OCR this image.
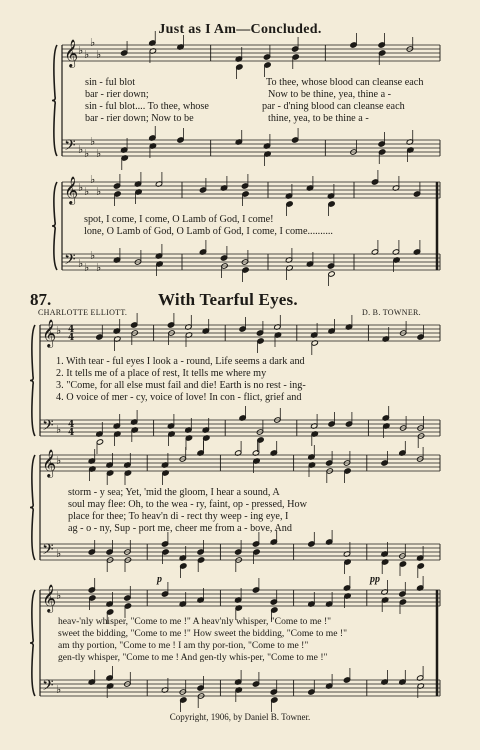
Just as I Am—Concluded.
sin - ful blot	To thee, whose blood can cleanse each
bar - rier down;	Now to be thine, yea, thine a -
sin - ful blot.... To thee, whose	par - d'ning blood can cleanse each
bar - rier down; Now to be	thine, yea, to be thine a -
spot, I come, I come, O Lamb of God, I come!
lone, O Lamb of God, O Lamb of God, I come, I come..........
87.	With Tearful Eyes.
CHARLOTTE ELLIOTT.	D. B. TOWNER.
1. With tear - ful eyes I look a - round, Life seems a dark and
2. It tells me of a place of rest, It tells me where my
3. "Come, for all else must fail and die! Earth is no rest - ing-
4. O voice of mer - cy, voice of love! In con - flict, grief and
storm - y sea; Yet, 'mid the gloom, I hear a sound, A
soul may flee: Oh, to the wea - ry, faint, op - pressed, How
place for thee; To heav'n di - rect thy weep - ing eye, I
ag - o - ny, Sup - port me, cheer me from a - bove, And
heav-'nly whisper, "Come to me !" A heav'nly whisper, "Come to me !"
sweet the bidding, "Come to me !" How sweet the bidding, "Come to me !"
am thy portion, "Come to me ! I am thy por-tion, "Come to me !"
gen-tly whisper, "Come to me ! And gen-tly whis-per, "Come to me !"
p	pp
Copyright, 1906, by Daniel B. Towner.
𝄞
𝄢
♭ ♭
♭
♭
♭ ♭
♭
♭
𝄞
𝄢
♭ ♭
♭
♭
♭ ♭
♭
♭
𝄞
𝄢
♭
♭
4
4
4
4
𝄞
𝄢
♭
♭
𝄞
𝄢
♭
♭
